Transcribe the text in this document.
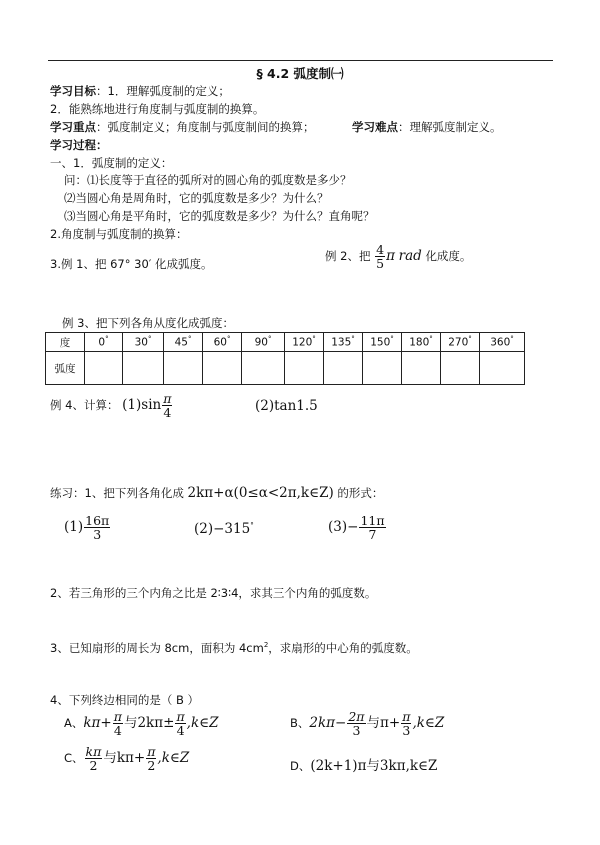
§ 4.2 弧度制㈠
学习目标：1．理解弧度制的定义；
2．能熟练地进行角度制与弧度制的换算。
学习重点：弧度制定义；角度制与弧度制间的换算；	学习难点：理解弧度制定义。
学习过程：
一、1．弧度制的定义：
问：⑴长度等于直径的弧所对的圆心角的弧度数是多少？
⑵当圆心角是周角时，它的弧度数是多少？为什么？
⑶当圆心角是平角时，它的弧度数是多少？为什么？直角呢？
2.角度制与弧度制的换算：
3.例 1、把 67° 30′ 化成弧度。
例 2、把 $\frac{4}{5}$ π rad 化成度。
例 3、把下列各角从度化成弧度：
度	0°	30°	45°	60°	90°	120°	135°	150°	180°	270°	360°
弧度											
例 4、计算： $(1)\sin \frac{\pi}{4}$	(2)tan1.5
练习：1、把下列各角化成 2kπ+α(0≤α<2π,k∈Z) 的形式：
$(1) \frac{16\pi}{3}$	(2)−315°	$(3)- \frac{11\pi}{7}$
2、若三角形的三个内角之比是 2∶3∶4，求其三个内角的弧度数。
3、已知扇形的周长为 8cm，面积为 $4cm^2$，求扇形的中心角的弧度数。
4、下列终边相同的是（ B ）
A、$k\pi+ \frac{\pi}{4}$ 与$2k\pi\pm \frac{\pi}{4}$ ,k∈Z	B、$2k\pi- \frac{2\pi}{3}$ 与$\pi+ \frac{\pi}{3}$ ,k∈Z
C、 $\frac{k\pi}{2}$ 与$k\pi+ \frac{\pi}{2}$ ,k∈Z	D、(2k+1)π与3kπ,k∈Z
